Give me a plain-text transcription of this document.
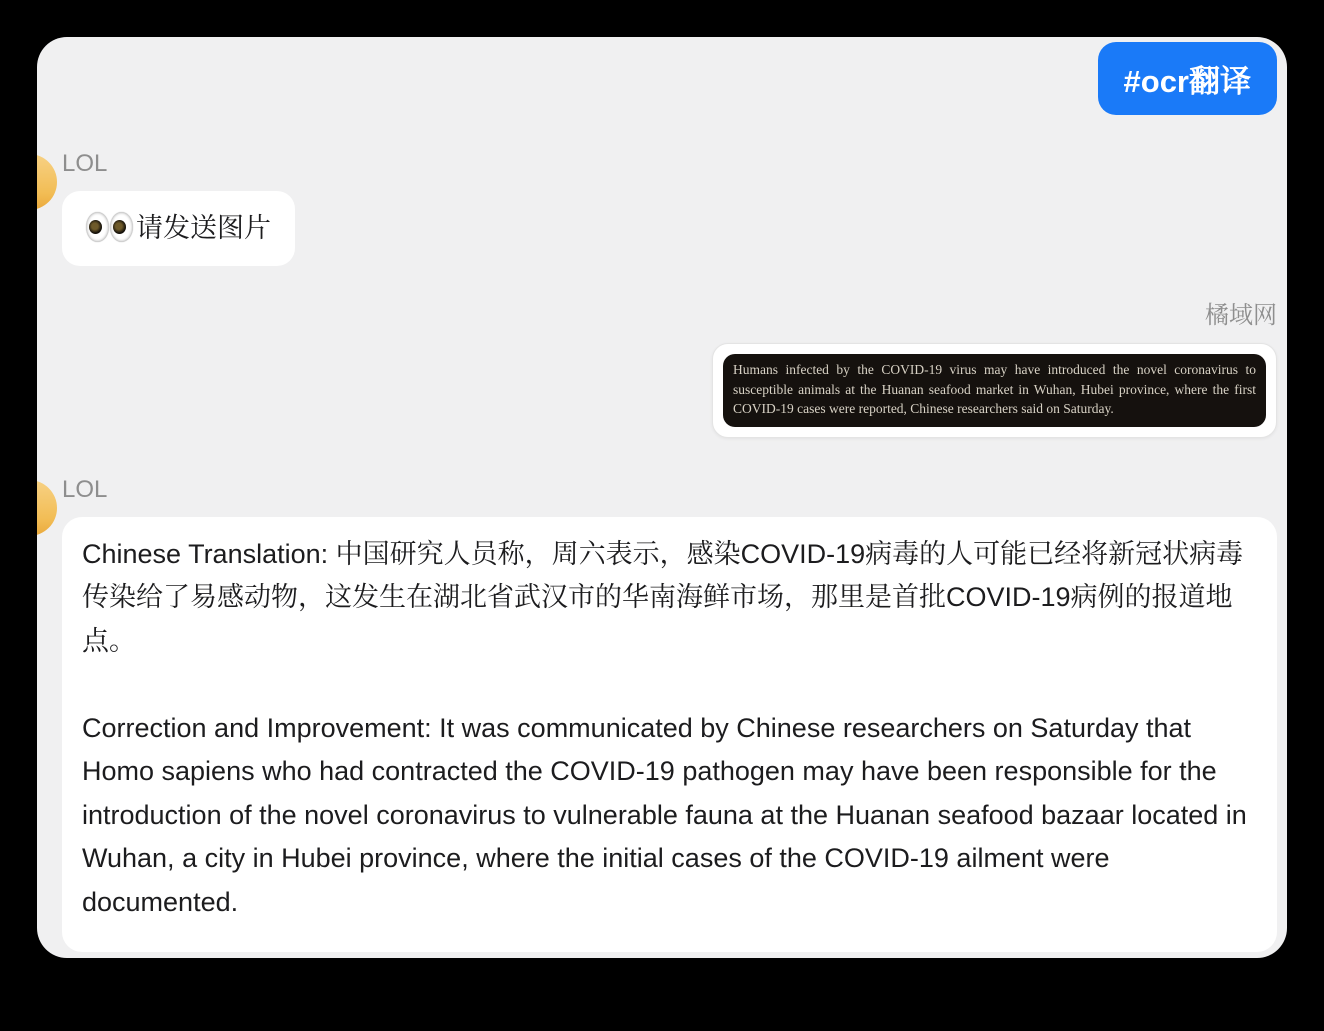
#ocr翻译
LOL
请发送图片
橘域网
Humans infected by the COVID-19 virus may have introduced the novel coronavirus to susceptible animals at the Huanan seafood market in Wuhan, Hubei province, where the first COVID-19 cases were reported, Chinese researchers said on Saturday.
LOL

Chinese Translation: 中国研究人员称，周六表示，感染COVID-19病毒的人可能已经将新冠状病毒传染给了易感动物，这发生在湖北省武汉市的华南海鲜市场，那里是首批COVID-19病例的报道地点。

Correction and Improvement: It was communicated by Chinese researchers on Saturday that Homo sapiens who had contracted the COVID-19 pathogen may have been responsible for the introduction of the novel coronavirus to vulnerable fauna at the Huanan seafood bazaar located in Wuhan, a city in Hubei province, where the initial cases of the COVID-19 ailment were documented.
